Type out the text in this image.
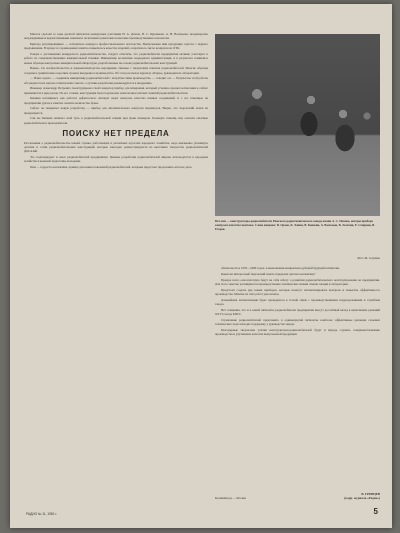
Многое сделали за годы десятой пятилетки конкурсные участники Н. А. Детова, В. С. Куренкова, А. Н. Васильева, неоднократно награждавшиеся ведомственными знаками и почетными грамотами за высокие производственные показатели.

Бригада регулировщиков — победитель конкурса профессионального мастерства. Выпускаемая ими продукция сдается с первого предъявления. В процессе соревнования заметно повысилось качество изделий, сократилось число возвратов из ОТК.

Говоря о достижениях конкурсного радиолюбительства, следует отметить, что радиолюбители предприятия активно участвуют в работе по совершенствованию измерительной техники. Инициативу коллектива поддержала администрация, и в результате появились новые образцы контрольно-измерительной аппаратуры, разработанные на основе радиолюбительских конструкций.

Важно, что изобретательство и рационализаторство неразрывно связаны с творческим поиском радиолюбителей. Многие образцы созданы в сравнительно короткие сроки и внедрены в производство. Об этом рассказал журналу «Радио» руководитель лаборатории.

— Наша задача — соединить инициативу радиолюбителей с потребностями производства, — говорит он. — Результаты этой работы обсуждаются на научно-технических советах, а лучшие разработки рекомендуются к внедрению.

Инженер Александр Петрович сконструировал свой генератор прибор для измерения, который успешно прошел испытания и сейчас применяется в ряде цехов. По его словам, конструкция была подсказана опытом многолетних занятий радиолюбительством.

Кашкин вспоминает, как работал дефектоскоп. Аппарат ведет контроль качества паяных соединений, и с его помощью на предприятии удалось заметно снизить количество брака.

Сейчас он завершает новую разработку — прибор для автоматического контроля параметров. Видно, что творческий поиск не прекращается.

Сам же Кашкин начинал свой путь в радиолюбительской секции при Доме пионеров. Большую помощь ему оказали опытные радиолюбители и преподаватели.

ПОИСКУ НЕТ ПРЕДЕЛА

Рассказывая о радиолюбительстве нашей страны, работающих в различных отраслях народного хозяйства, надо неизменно упомянуть десятки и сотни радиолюбительских конструкций, которые ежегодно демонстрируются на выставках творчества радиолюбителей ДОСААФ.

Это подтверждает и опыт радиолюбителей предприятия. Ценные разработки радиолюбителей широко используются в народном хозяйстве и военной подготовке молодежи.

Они — гордость коллектива, пример для новых поколений радиолюбителей, которым предстоит продолжить начатое дело.

Вот они — конструкторы-радиолюбители Рижского радиотехнического завода имени А. С. Попова, авторы прибора контроля качества монтажа. Слева направо: В. Орлов, Б. Лапин, В. Кашкин, А. Васильев, В. Лыткин, Е. Смирнов, В. Егоров.
Фото М. Алухина

обязательств в 1976—1980 годах, и выполнении конкретных рубежей будущей пятилетки.

Каков же интересный творческий поиск определен для нее коллективу?

Прежде всего они вплотную берут на себя заботу о развитии радиолюбительского конструирования на предприятии. Для этого заметно расширяются производственно-технические знания членов секции и лаборатории.

Предстоит создать ряд новых приборов, которые помогут автоматизировать контроль и повысить эффективность производства. Многие из этих работ уже начаты.

Дальнейшая автоматизация будет проводиться в тесной связи с производственными подразделениями и службами завода.

Нет сомнения, что и в новой пятилетке радиолюбители предприятия внесут достойный вклад в выполнение решений XXVI съезда КПСС.

Стремление радиолюбителей предложить в одиннадцатой пятилетке наиболее эффективные решения сложных технических задач находит поддержку у руководства завода.

Благодарные творческие усилия конструкторов-радиолюбителей будут и впредь служить совершенствованию производства и улучшению качества выпускаемой продукции.

Калининград — Москва
В. ГРЕВЦЕВ
(корр. журнала «Радио»)
РАДИО № 11, 1981 г.	5
